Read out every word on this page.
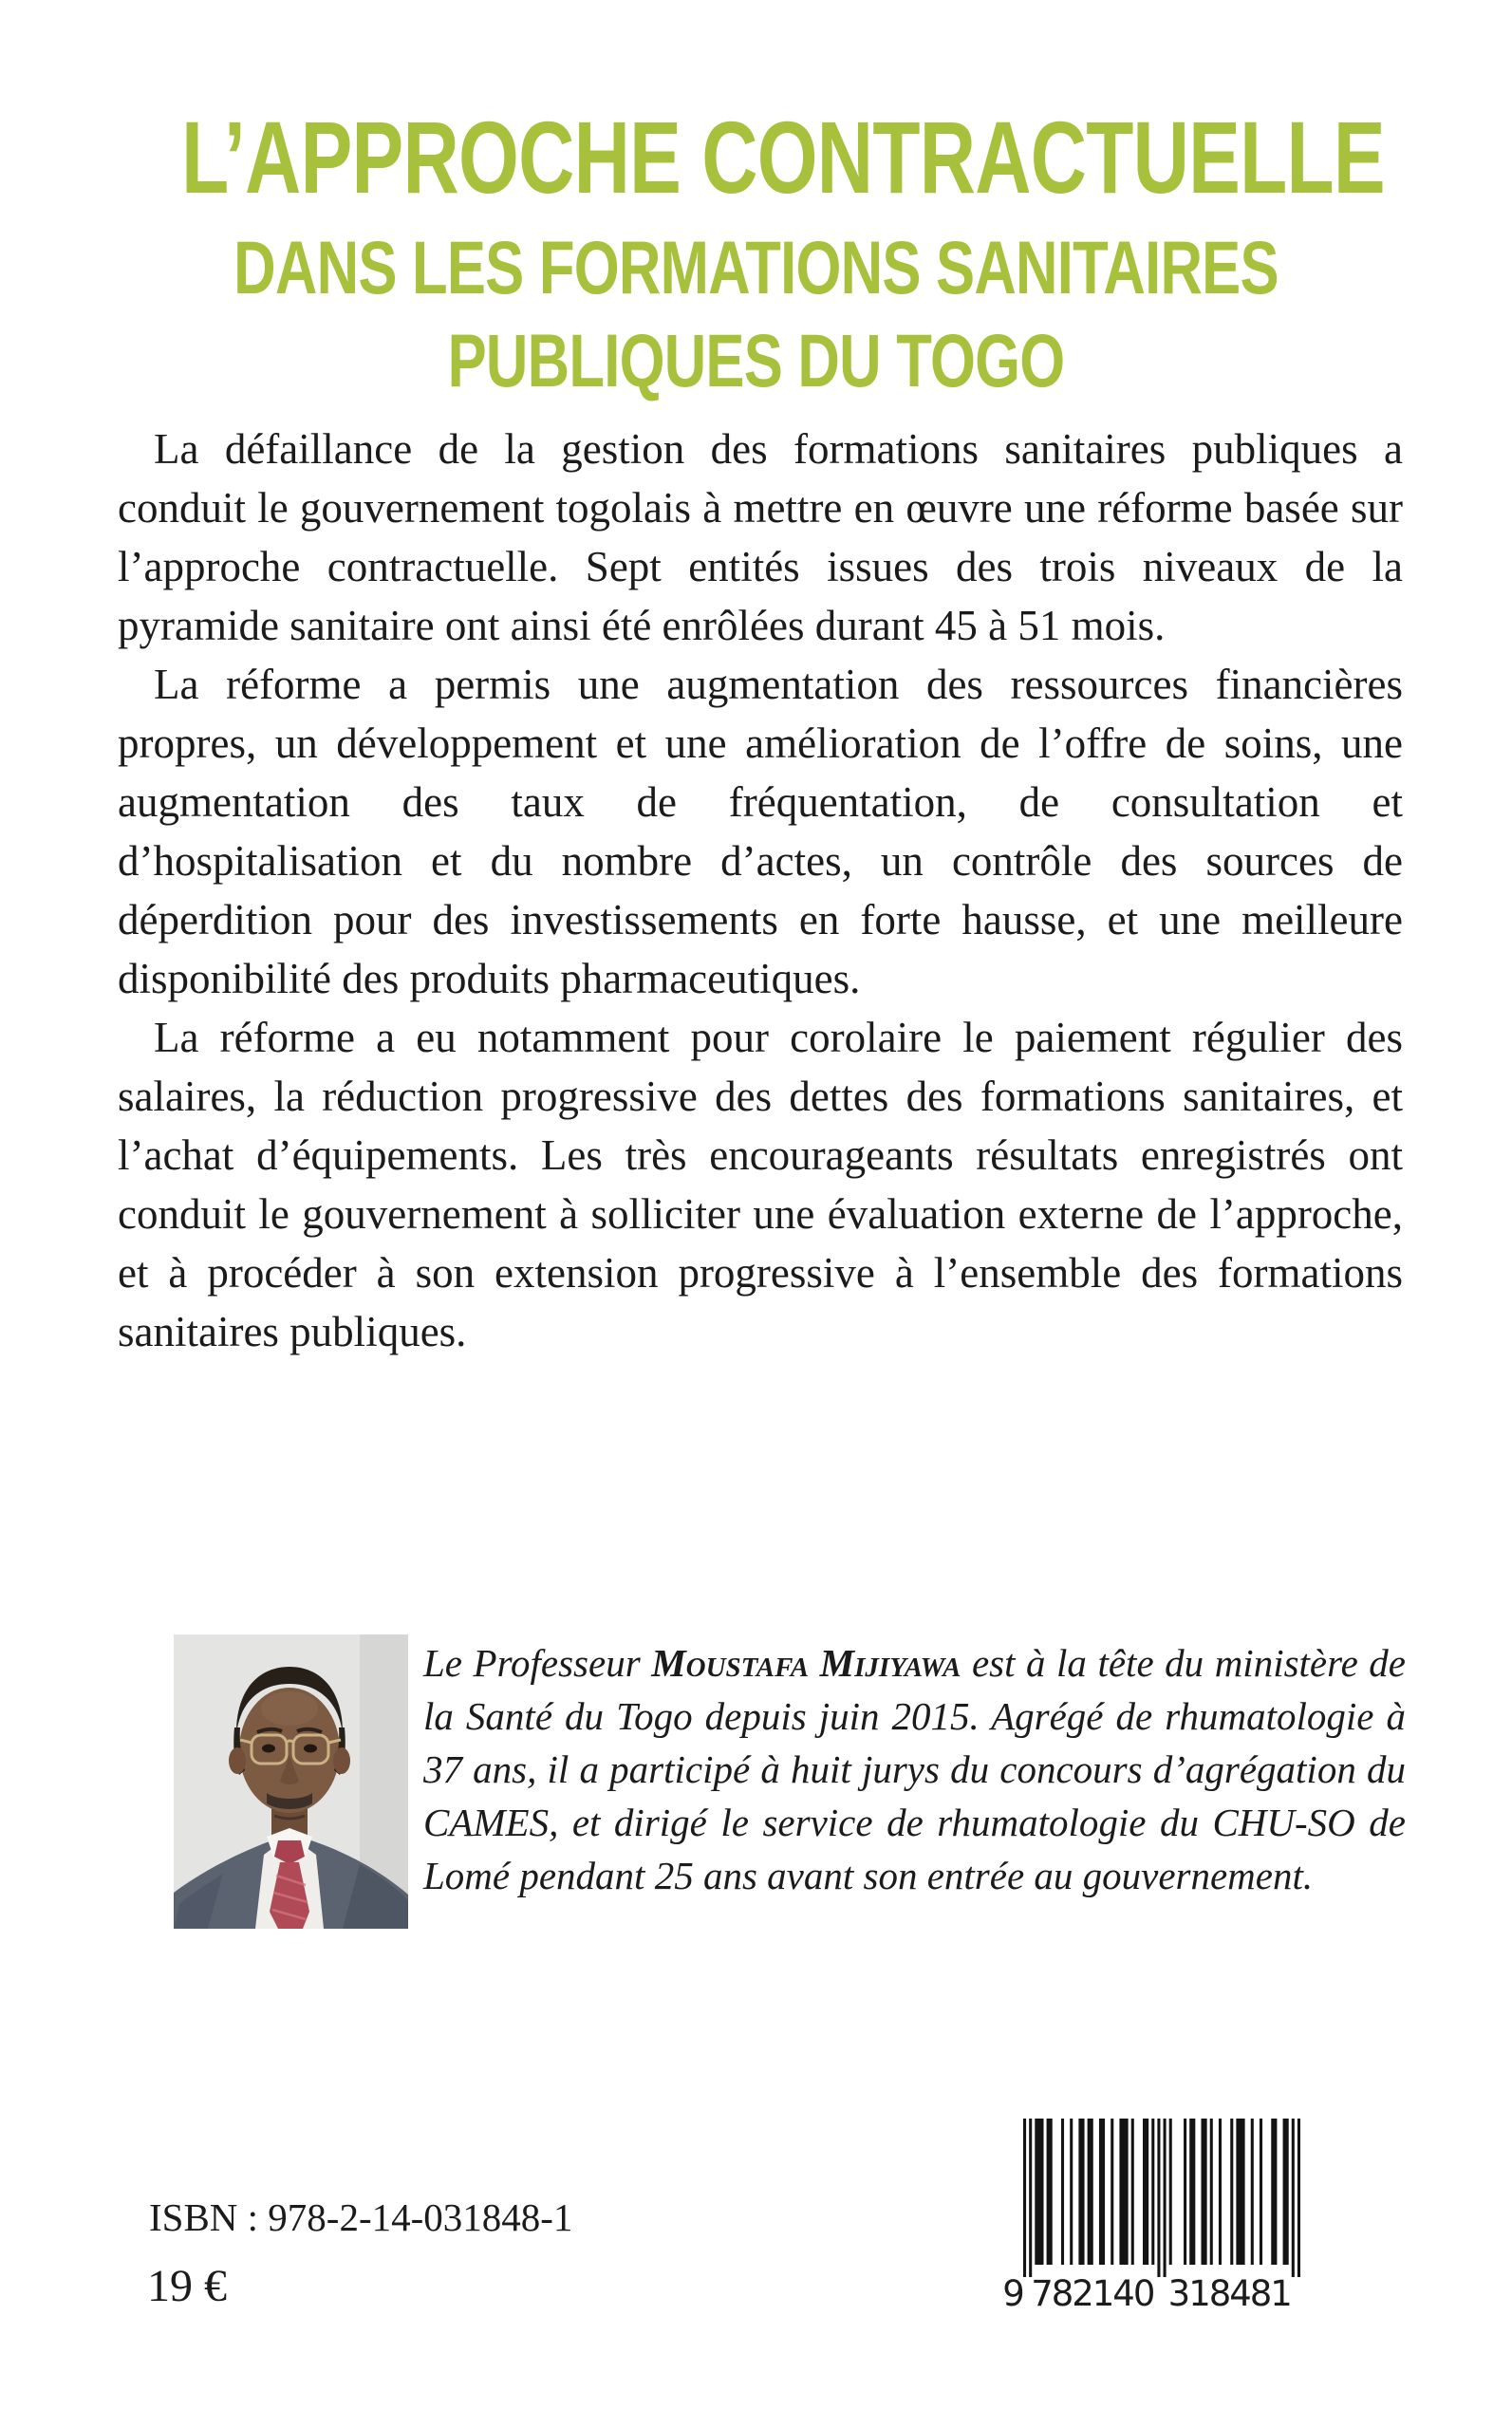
L’APPROCHE CONTRACTUELLE
DANS LES FORMATIONS SANITAIRES
PUBLIQUES DU TOGO

La défaillance de la gestion des formations sanitaires publiques a conduit le gouvernement togolais à mettre en œuvre une réforme basée sur l’approche contractuelle. Sept entités issues des trois niveaux de la pyramide sanitaire ont ainsi été enrôlées durant 45 à 51 mois.

La réforme a permis une augmentation des ressources financières propres, un développement et une amélioration de l’offre de soins, une augmentation des taux de fréquentation, de consultation et d’hospitalisation et du nombre d’actes, un contrôle des sources de déperdition pour des investissements en forte hausse, et une meilleure disponibilité des produits pharmaceutiques.

La réforme a eu notamment pour corolaire le paiement régulier des salaires, la réduction progressive des dettes des formations sanitaires, et l’achat d’équipements. Les très encourageants résultats enregistrés ont conduit le gouvernement à solliciter une évaluation externe de l’approche, et à procéder à son extension progressive à l’ensemble des formations sanitaires publiques.

Le Professeur Moustafa Mijiyawa est à la tête du ministère de la Santé du Togo depuis juin 2015. Agrégé de rhumatologie à 37 ans, il a participé à huit jurys du concours d’agrégation du CAMES, et dirigé le service de rhumatologie du CHU-SO de Lomé pendant 25 ans avant son entrée au gouvernement.

ISBN : 978-2-14-031848-1
19 €	9 7
8
2
1
4
0 3
1
8
4
8
1
